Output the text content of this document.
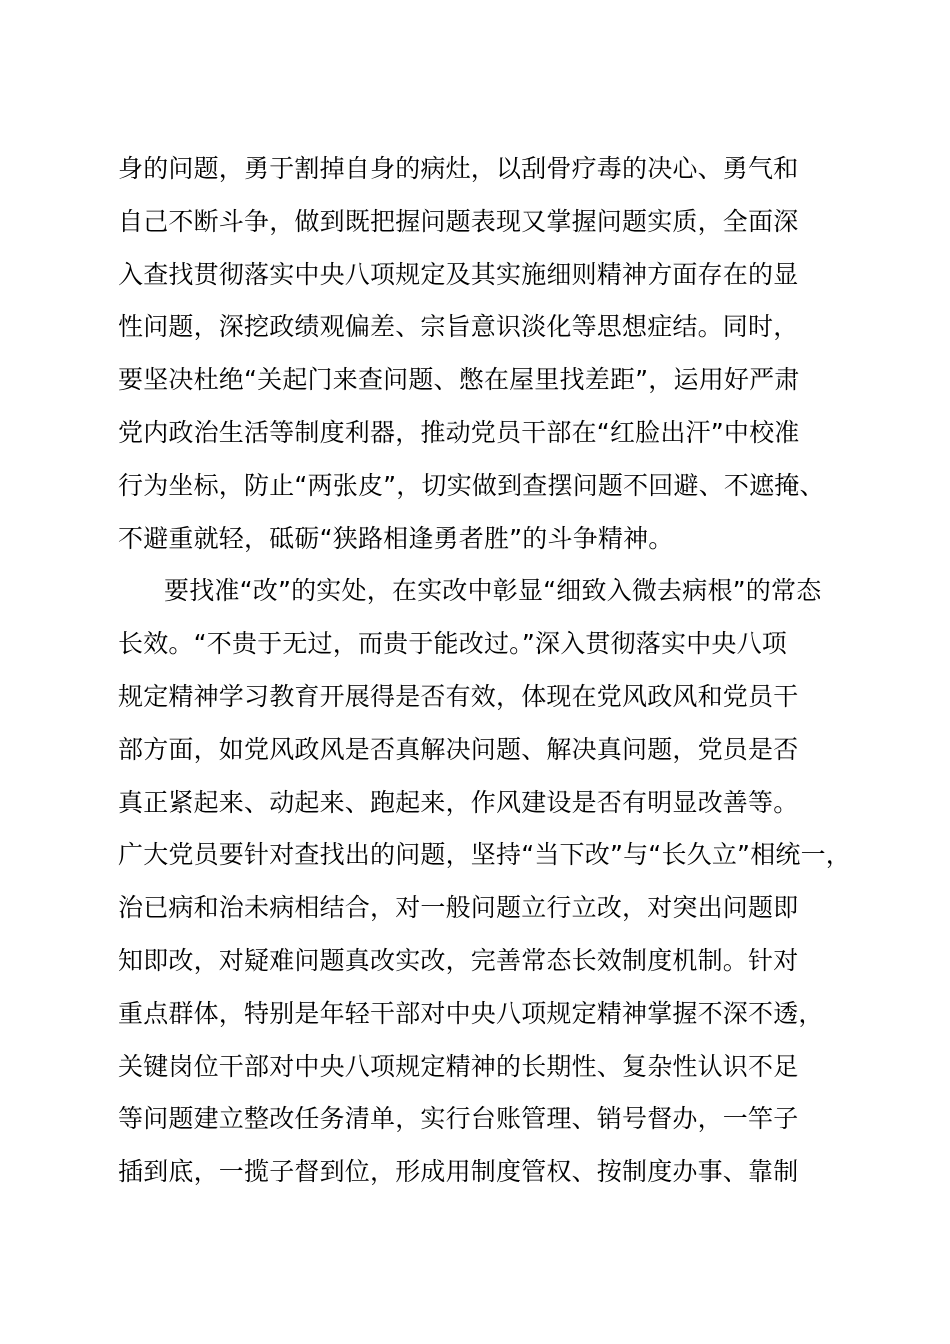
身的问题，勇于割掉自身的病灶，以刮骨疗毒的决心、勇气和
自己不断斗争，做到既把握问题表现又掌握问题实质，全面深
入查找贯彻落实中央八项规定及其实施细则精神方面存在的显
性问题，深挖政绩观偏差、宗旨意识淡化等思想症结。同时，
要坚决杜绝“关起门来查问题、憋在屋里找差距”，运用好严肃
党内政治生活等制度利器，推动党员干部在“红脸出汗”中校准
行为坐标，防止“两张皮”，切实做到查摆问题不回避、不遮掩、
不避重就轻，砥砺“狭路相逢勇者胜”的斗争精神。
要找准“改”的实处，在实改中彰显“细致入微去病根”的常态
长效。“不贵于无过，而贵于能改过。”深入贯彻落实中央八项
规定精神学习教育开展得是否有效，体现在党风政风和党员干
部方面，如党风政风是否真解决问题、解决真问题，党员是否
真正紧起来、动起来、跑起来，作风建设是否有明显改善等。
广大党员要针对查找出的问题，坚持“当下改”与“长久立”相统一，
治已病和治未病相结合，对一般问题立行立改，对突出问题即
知即改，对疑难问题真改实改，完善常态长效制度机制。针对
重点群体，特别是年轻干部对中央八项规定精神掌握不深不透，
关键岗位干部对中央八项规定精神的长期性、复杂性认识不足
等问题建立整改任务清单，实行台账管理、销号督办，一竿子
插到底，一揽子督到位，形成用制度管权、按制度办事、靠制
